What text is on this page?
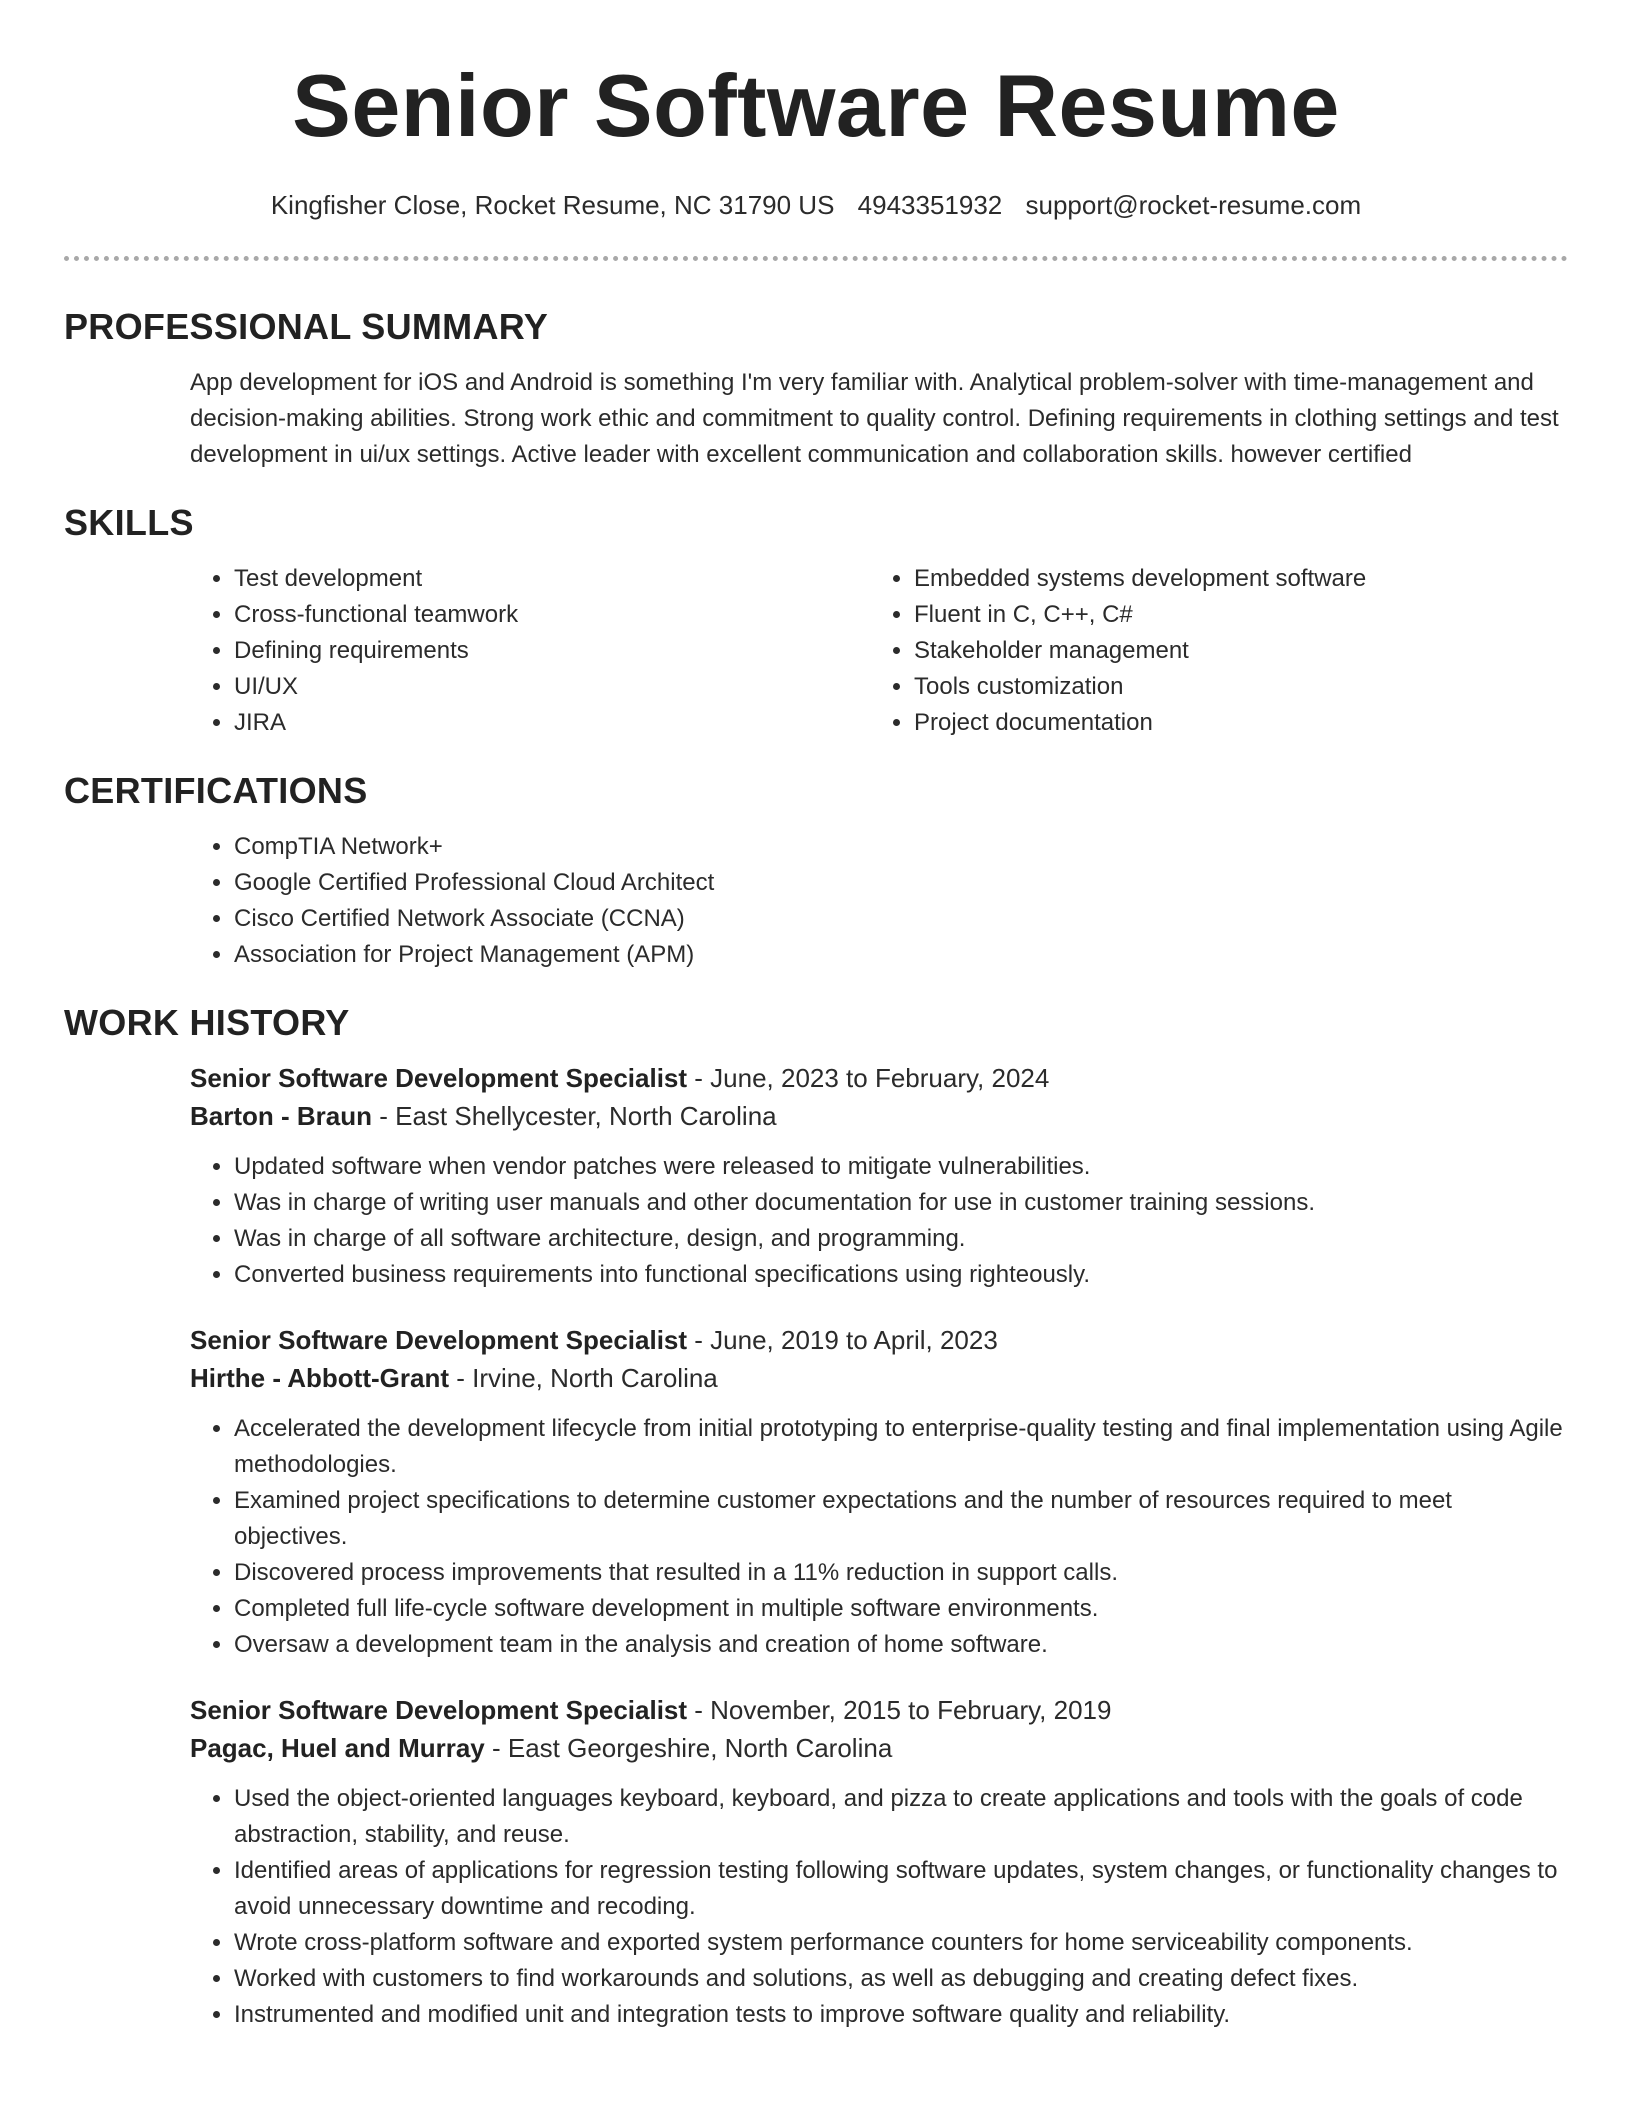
Senior Software Resume
Kingfisher Close, Rocket Resume, NC 31790 US 4943351932 support@rocket-resume.com
PROFESSIONAL SUMMARY
App development for iOS and Android is something I'm very familiar with. Analytical problem-solver with time-management and decision-making abilities. Strong work ethic and commitment to quality control. Defining requirements in clothing settings and test development in ui/ux settings. Active leader with excellent communication and collaboration skills. however certified
SKILLS
• Test development
• Cross-functional teamwork
• Defining requirements
• UI/UX
• JIRA
• Embedded systems development software
• Fluent in C, C++, C#
• Stakeholder management
• Tools customization
• Project documentation
CERTIFICATIONS
• CompTIA Network+
• Google Certified Professional Cloud Architect
• Cisco Certified Network Associate (CCNA)
• Association for Project Management (APM)
WORK HISTORY
Senior Software Development Specialist - June, 2023 to February, 2024
Barton - Braun - East Shellycester, North Carolina
• Updated software when vendor patches were released to mitigate vulnerabilities.
• Was in charge of writing user manuals and other documentation for use in customer training sessions.
• Was in charge of all software architecture, design, and programming.
• Converted business requirements into functional specifications using righteously.
Senior Software Development Specialist - June, 2019 to April, 2023
Hirthe - Abbott-Grant - Irvine, North Carolina
• Accelerated the development lifecycle from initial prototyping to enterprise-quality testing and final implementation using Agile methodologies.
• Examined project specifications to determine customer expectations and the number of resources required to meet objectives.
• Discovered process improvements that resulted in a 11% reduction in support calls.
• Completed full life-cycle software development in multiple software environments.
• Oversaw a development team in the analysis and creation of home software.
Senior Software Development Specialist - November, 2015 to February, 2019
Pagac, Huel and Murray - East Georgeshire, North Carolina
• Used the object-oriented languages keyboard, keyboard, and pizza to create applications and tools with the goals of code abstraction, stability, and reuse.
• Identified areas of applications for regression testing following software updates, system changes, or functionality changes to avoid unnecessary downtime and recoding.
• Wrote cross-platform software and exported system performance counters for home serviceability components.
• Worked with customers to find workarounds and solutions, as well as debugging and creating defect fixes.
• Instrumented and modified unit and integration tests to improve software quality and reliability.
